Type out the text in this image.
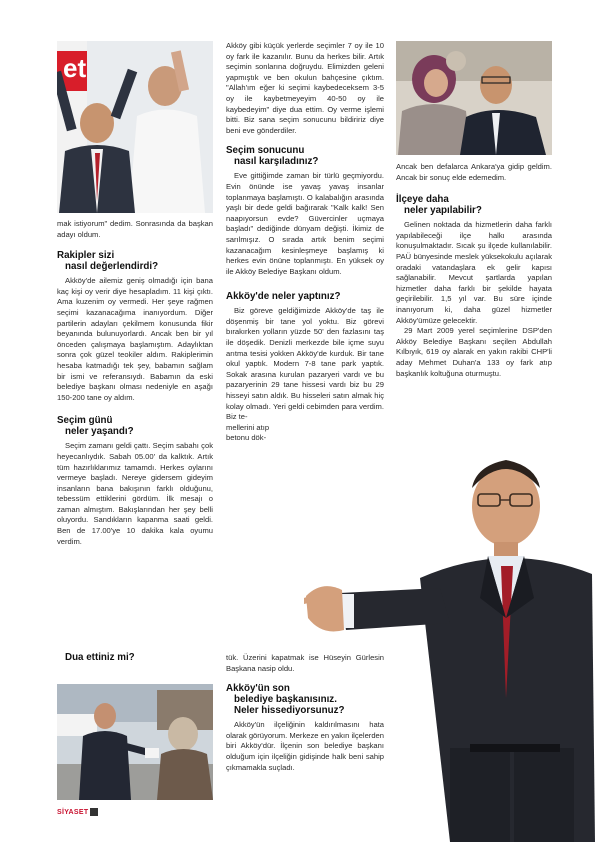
et

mak istiyorum" dedim. Sonrasında da başkan adayı oldum.

Rakipler sizi
nasıl değerlendirdi?

Akköy'de ailemiz geniş olmadığı için bana kaç kişi oy verir diye hesapladım. 11 kişi çıktı. Ama kuzenim oy vermedi. Her şeye rağmen seçimi kazanacağıma inanıyordum. Diğer partilerin adayları çekilmem konusunda fikir beyanında bulunuyorlardı. Ancak ben bir yıl önceden çalışmaya başlamıştım. Adaylıktan sonra çok güzel teokiler aldım. Rakiplerimin hesaba katmadığı tek şey, babamın sağlam bir ismi ve referansıydı. Babamın da eski belediye başkanı olması nedeniyle en aşağı 150-200 tane oy aldım.

Seçim günü
neler yaşandı?

Seçim zamanı geldi çattı. Seçim sabahı çok heyecanlıydık. Sabah 05.00' da kalktık. Artık tüm hazırlıklarımız tamamdı. Herkes oylarını vermeye başladı. Nereye gidersem gideyim insanların bana bakışının farklı olduğunu, tebessüm ettiklerini gördüm. İlk mesajı o zaman almıştım. Bakışlarından her şey belli oluyordu. Sandıkların kapanma saati geldi. Ben de 17.00'ye 10 dakika kala oyumu verdim.

Dua ettiniz mi?

Akköy gibi küçük yerlerde seçimler 7 oy ile 10 oy fark ile kazanılır. Bunu da herkes bilir. Artık seçimin sonlarına doğruydu. Elimizden geleni yapmıştık ve ben okulun bahçesine çıktım. "Allah'ım eğer ki seçimi kaybedeceksem 3-5 oy ile kaybetmeyeyim 40-50 oy ile kaybedeyim" diye dua ettim. Oy verme işlemi bitti. Biz sana seçim sonucunu bildiririz diye beni eve gönderdiler.

Seçim sonucunu
nasıl karşıladınız?

Eve gittiğimde zaman bir türlü geçmiyordu. Evin önünde ise yavaş yavaş insanlar toplanmaya başlamıştı. O kalabalığın arasında yaşlı bir dede geldi bağırarak "Kalk kalk! Sen naapıyorsun evde? Güvercinler uçmaya başladı" dediğinde dünyam değişti. İkimiz de sarılmışız. O sırada artık benim seçimi kazanacağım kesinleşmeye başlamış ki herkes evin önüne toplanmıştı. En yüksek oy ile Akköy Belediye Başkanı oldum.

Akköy'de neler yaptınız?

Biz göreve geldiğimizde Akköy'de taş ile döşenmiş bir tane yol yoktu. Biz görevi bırakırken yolların yüzde 50' den fazlasını taş ile döşedik. Denizli merkezde bile içme suyu arıtma tesisi yokken Akköy'de kurduk. Bir tane okul yaptık. Modern 7-8 tane park yaptık. Sokak arasına kurulan pazaryeri vardı ve bu pazaryerinin 29 tane hissesi vardı biz bu 29 hisseyi satın aldık. Bu hisseleri satın almak hiç kolay olmadı. Yeri geldi cebimden para verdim. Biz te-

mellerini atıp

betonu dök-

tük. Üzerini kapatmak ise Hüseyin Gürlesin Başkana nasip oldu.

Akköy'ün son
belediye başkanısınız.
Neler hissediyorsunuz?

Akköy'ün ilçeliğinin kaldırılmasını hata olarak görüyorum. Merkeze en yakın ilçelerden biri Akköy'dür. İlçenin son belediye başkanı olduğum için ilçeliğin gidişinde halk beni sahip çıkmamakla suçladı.

Ancak ben defalarca Ankara'ya gidip geldim. Ancak bir sonuç elde edemedim.

İlçeye daha
neler yapılabilir?

Gelinen noktada da hizmetlerin daha farklı yapılabileceği ilçe halkı arasında konuşulmaktadır. Sıcak şu ilçede kullanılabilir. PAÜ bünyesinde meslek yüksekokulu açılarak oradaki vatandaşlara ek gelir kapısı sağlanabilir. Mevcut şartlarda yapılan hizmetler daha farklı bir şekilde hayata geçirilebilir. 1,5 yıl var. Bu süre içinde inanıyorum ki, daha güzel hizmetler Akköy'ümüze gelecektir.

29 Mart 2009 yerel seçimlerine DSP'den Akköy Belediye Başkanı seçilen Abdullah Kılbıyık, 619 oy alarak en yakın rakibi CHP'li aday Mehmet Duhan'a 133 oy fark atıp başkanlık koltuğuna oturmuştu.

SİYASET
